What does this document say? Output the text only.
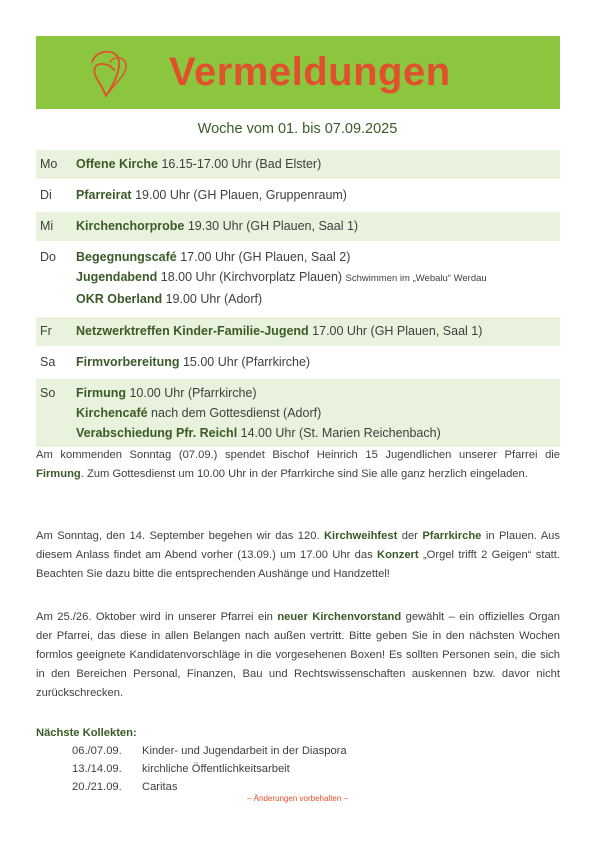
Vermeldungen
Woche vom 01. bis 07.09.2025
Mo Offene Kirche 16.15-17.00 Uhr (Bad Elster)
Di Pfarreirat 19.00 Uhr (GH Plauen, Gruppenraum)
Mi Kirchenchorprobe 19.30 Uhr (GH Plauen, Saal 1)
Do Begegnungscafé 17.00 Uhr (GH Plauen, Saal 2)
Jugendabend 18.00 Uhr (Kirchvorplatz Plauen) Schwimmen im „Webalu“ Werdau
OKR Oberland 19.00 Uhr (Adorf)
Fr Netzwerktreffen Kinder-Familie-Jugend 17.00 Uhr (GH Plauen, Saal 1)
Sa Firmvorbereitung 15.00 Uhr (Pfarrkirche)
So Firmung 10.00 Uhr (Pfarrkirche)
Kirchencafé nach dem Gottesdienst (Adorf)
Verabschiedung Pfr. Reichl 14.00 Uhr (St. Marien Reichenbach)
Am kommenden Sonntag (07.09.) spendet Bischof Heinrich 15 Jugendlichen unserer Pfarrei die Firmung. Zum Gottesdienst um 10.00 Uhr in der Pfarrkirche sind Sie alle ganz herzlich eingeladen.
Am Sonntag, den 14. September begehen wir das 120. Kirchweihfest der Pfarrkirche in Plauen. Aus diesem Anlass findet am Abend vorher (13.09.) um 17.00 Uhr das Konzert „Orgel trifft 2 Geigen“ statt. Beachten Sie dazu bitte die entsprechenden Aushänge und Handzettel!
Am 25./26. Oktober wird in unserer Pfarrei ein neuer Kirchenvorstand gewählt – ein offizielles Organ der Pfarrei, das diese in allen Belangen nach außen vertritt. Bitte geben Sie in den nächsten Wochen formlos geeignete Kandidatenvorschläge in die vorgesehenen Boxen! Es sollten Personen sein, die sich in den Bereichen Personal, Finanzen, Bau und Rechtswissenschaften auskennen bzw. davor nicht zurückschrecken.
Nächste Kollekten:
06./07.09. Kinder- und Jugendarbeit in der Diaspora
13./14.09. kirchliche Öffentlichkeitsarbeit
20./21.09. Caritas
– Änderungen vorbehalten –
